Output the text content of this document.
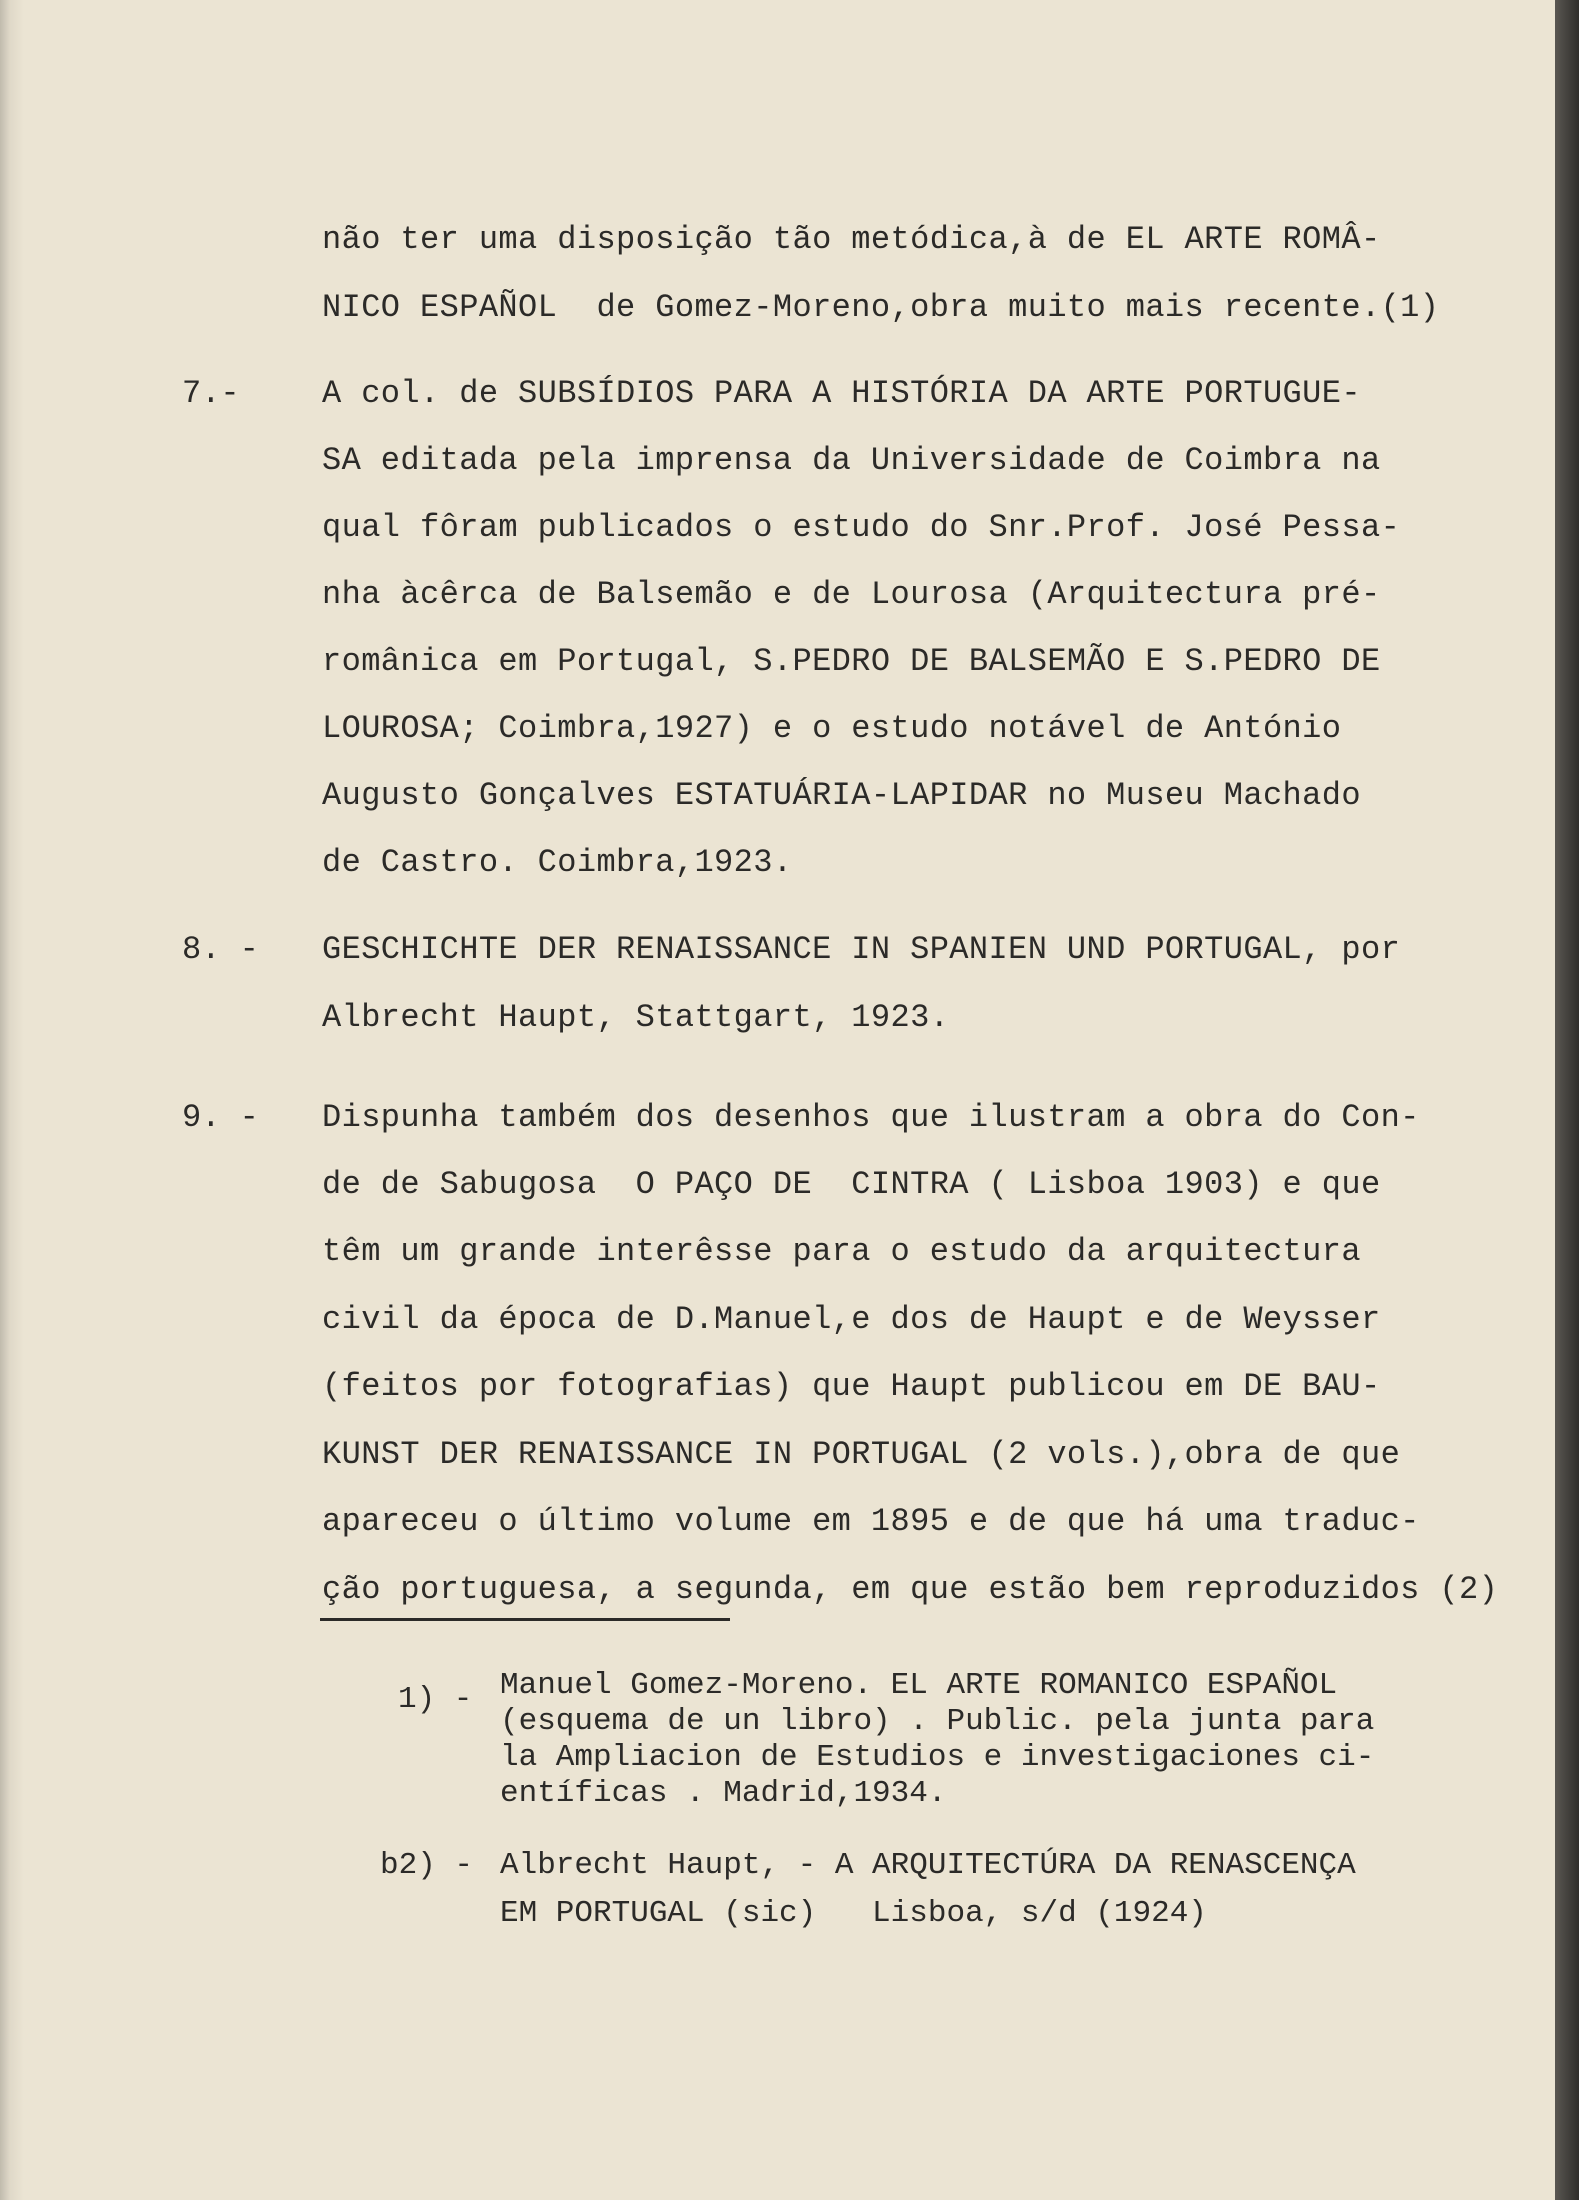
não ter uma disposição tão metódica,à de EL ARTE ROMÂ-
NICO ESPAÑOL  de Gomez-Moreno,obra muito mais recente.(1)
7.-	A col. de SUBSÍDIOS PARA A HISTÓRIA DA ARTE PORTUGUE-
SA editada pela imprensa da Universidade de Coimbra na
qual fôram publicados o estudo do Snr.Prof. José Pessa-
nha àcêrca de Balsemão e de Lourosa (Arquitectura pré-
românica em Portugal, S.PEDRO DE BALSEMÃO E S.PEDRO DE
LOUROSA; Coimbra,1927) e o estudo notável de António
Augusto Gonçalves ESTATUÁRIA-LAPIDAR no Museu Machado
de Castro. Coimbra,1923.
8. - GESCHICHTE DER RENAISSANCE IN SPANIEN UND PORTUGAL, por
Albrecht Haupt, Stattgart, 1923.
9. - Dispunha também dos desenhos que ilustram a obra do Con-
de de Sabugosa  O PAÇO DE  CINTRA ( Lisboa 1903) e que
têm um grande interêsse para o estudo da arquitectura
civil da época de D.Manuel,e dos de Haupt e de Weysser
(feitos por fotografias) que Haupt publicou em DE BAU-
KUNST DER RENAISSANCE IN PORTUGAL (2 vols.),obra de que
apareceu o último volume em 1895 e de que há uma traduc-
ção portuguesa, a segunda, em que estão bem reproduzidos (2)
1) - Manuel Gomez-Moreno. EL ARTE ROMANICO ESPAÑOL
(esquema de un libro) . Public. pela junta para
la Ampliacion de Estudios e investigaciones ci-
entíficas . Madrid,1934.
b2) - Albrecht Haupt, - A ARQUITECTÚRA DA RENASCENÇA
EM PORTUGAL (sic)   Lisboa, s/d (1924)
